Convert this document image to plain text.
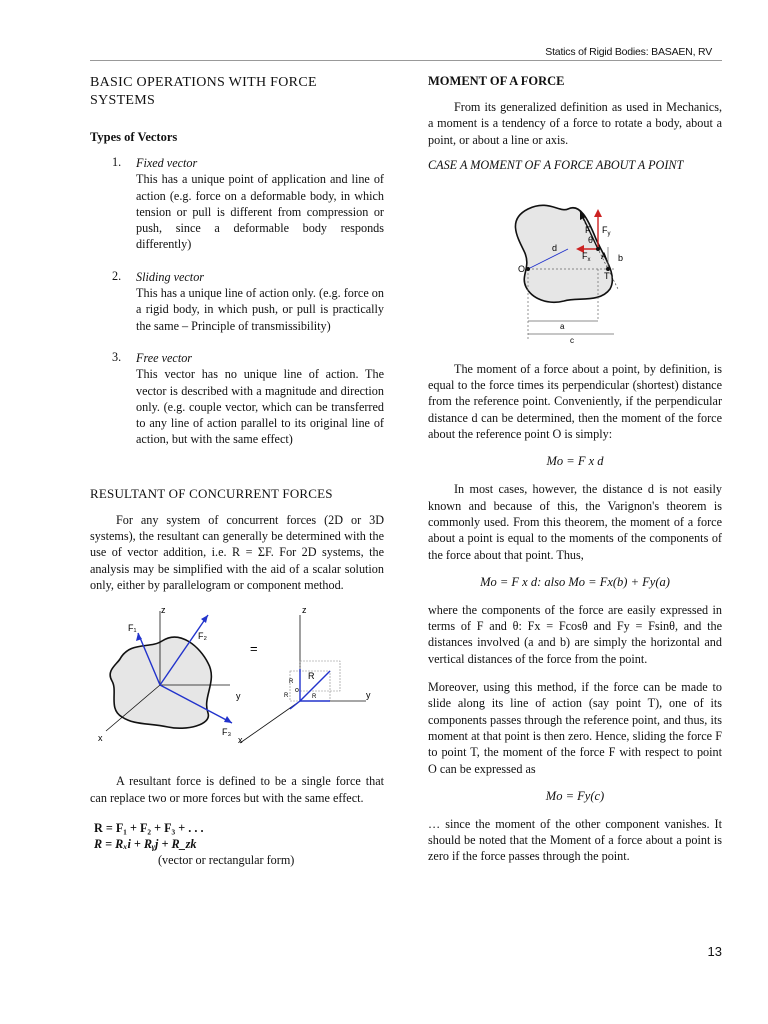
Statics of Rigid Bodies: BASAEN, RV
BASIC OPERATIONS WITH FORCE SYSTEMS
Types of Vectors
1. Fixed vector

This has a unique point of application and line of action (e.g. force on a deformable body, in which tension or pull is different from compression or push, since a deformable body responds differently)

2. Sliding vector

This has a unique line of action only. (e.g. force on a rigid body, in which push, or pull is practically the same – Principle of transmissibility)

3. Free vector

This vector has no unique line of action. The vector is described with a magnitude and direction only. (e.g. couple vector, which can be transferred to any line of action parallel to its original line of action, but with the same effect)

RESULTANT OF CONCURRENT FORCES

For any system of concurrent forces (2D or 3D systems), the resultant can generally be determined with the use of vector addition, i.e. R = ΣF. For 2D systems, the analysis may be simplified with the aid of a scalar solution only, either by parallelogram or component method.

z
F₁
F₂
F₃
y
x
=
z
R
R
R	R
o	y
x

A resultant force is defined to be a single force that can replace two or more forces but with the same effect.

R = F₁ + F₂ + F₃ + . . .
R = Rₓi + Rᵧj + R_zk
(vector or rectangular form)
MOMENT OF A FORCE

From its generalized definition as used in Mechanics, a moment is a tendency of a force to rotate a body, about a point, or about a line or axis.

CASE A MOMENT OF A FORCE ABOUT A POINT
F $F_y$
$F_x$
θ
A
T
O
d
b
a
c

The moment of a force about a point, by definition, is equal to the force times its perpendicular (shortest) distance from the reference point. Conveniently, if the perpendicular distance d can be determined, then the moment of the force about the reference point O is simply:

Mo = F x d

In most cases, however, the distance d is not easily known and because of this, the Varignon's theorem is commonly used. From this theorem, the moment of a force about a point is equal to the moments of the components of the force about that point. Thus,

Mo = F x d: also Mo = Fx(b) + Fy(a)

where the components of the force are easily expressed in terms of F and θ: Fx = Fcosθ and Fy = Fsinθ, and the distances involved (a and b) are simply the horizontal and vertical distances of the force from the point.

Moreover, using this method, if the force can be made to slide along its line of action (say point T), one of its components passes through the reference point, and thus, its moment at that point is then zero. Hence, sliding the force F to point T, the moment of the force F with respect to point O can be expressed as

Mo = Fy(c)

… since the moment of the other component vanishes. It should be noted that the Moment of a force about a point is zero if the force passes through the point.

13
